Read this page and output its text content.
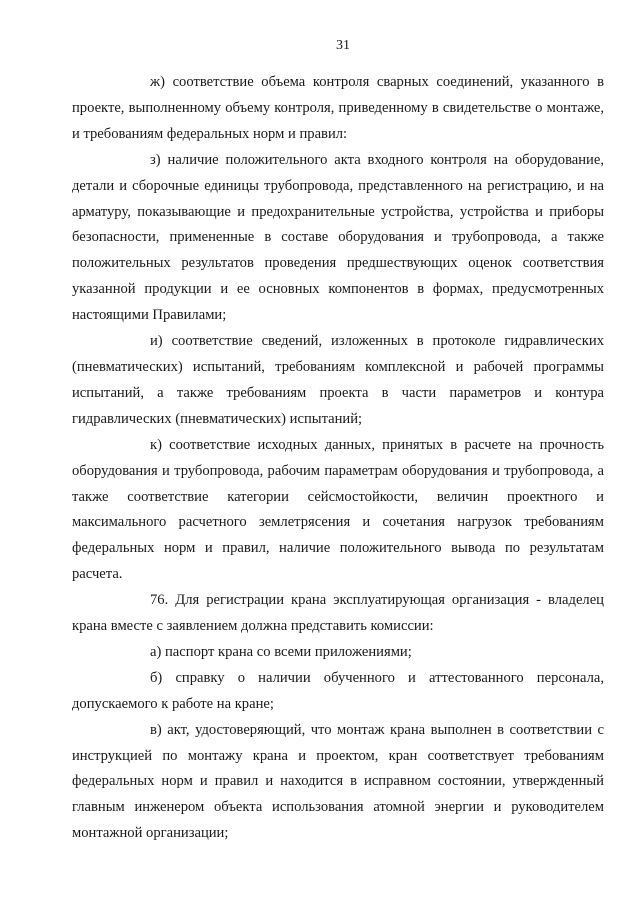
31

ж) соответствие объема контроля сварных соединений, указанного в проекте, выполненному объему контроля, приведенному в свидетельстве о монтаже, и требованиям федеральных норм и правил:

з) наличие положительного акта входного контроля на оборудование, детали и сборочные единицы трубопровода, представленного на регистрацию, и на арматуру, показывающие и предохранительные устройства, устройства и приборы безопасности, примененные в составе оборудования и трубопровода, а также положительных результатов проведения предшествующих оценок соответствия указанной продукции и ее основных компонентов в формах, предусмотренных настоящими Правилами;

и) соответствие сведений, изложенных в протоколе гидравлических (пневматических) испытаний, требованиям комплексной и рабочей программы испытаний, а также требованиям проекта в части параметров и контура гидравлических (пневматических) испытаний;

к) соответствие исходных данных, принятых в расчете на прочность оборудования и трубопровода, рабочим параметрам оборудования и трубопровода, а также соответствие категории сейсмостойкости, величин проектного и максимального расчетного землетрясения и сочетания нагрузок требованиям федеральных норм и правил, наличие положительного вывода по результатам расчета.

76. Для регистрации крана эксплуатирующая организация - владелец крана вместе с заявлением должна представить комиссии:

а) паспорт крана со всеми приложениями;

б) справку о наличии обученного и аттестованного персонала, допускаемого к работе на кране;

в) акт, удостоверяющий, что монтаж крана выполнен в соответствии с инструкцией по монтажу крана и проектом, кран соответствует требованиям федеральных норм и правил и находится в исправном состоянии, утвержденный главным инженером объекта использования атомной энергии и руководителем монтажной организации;
